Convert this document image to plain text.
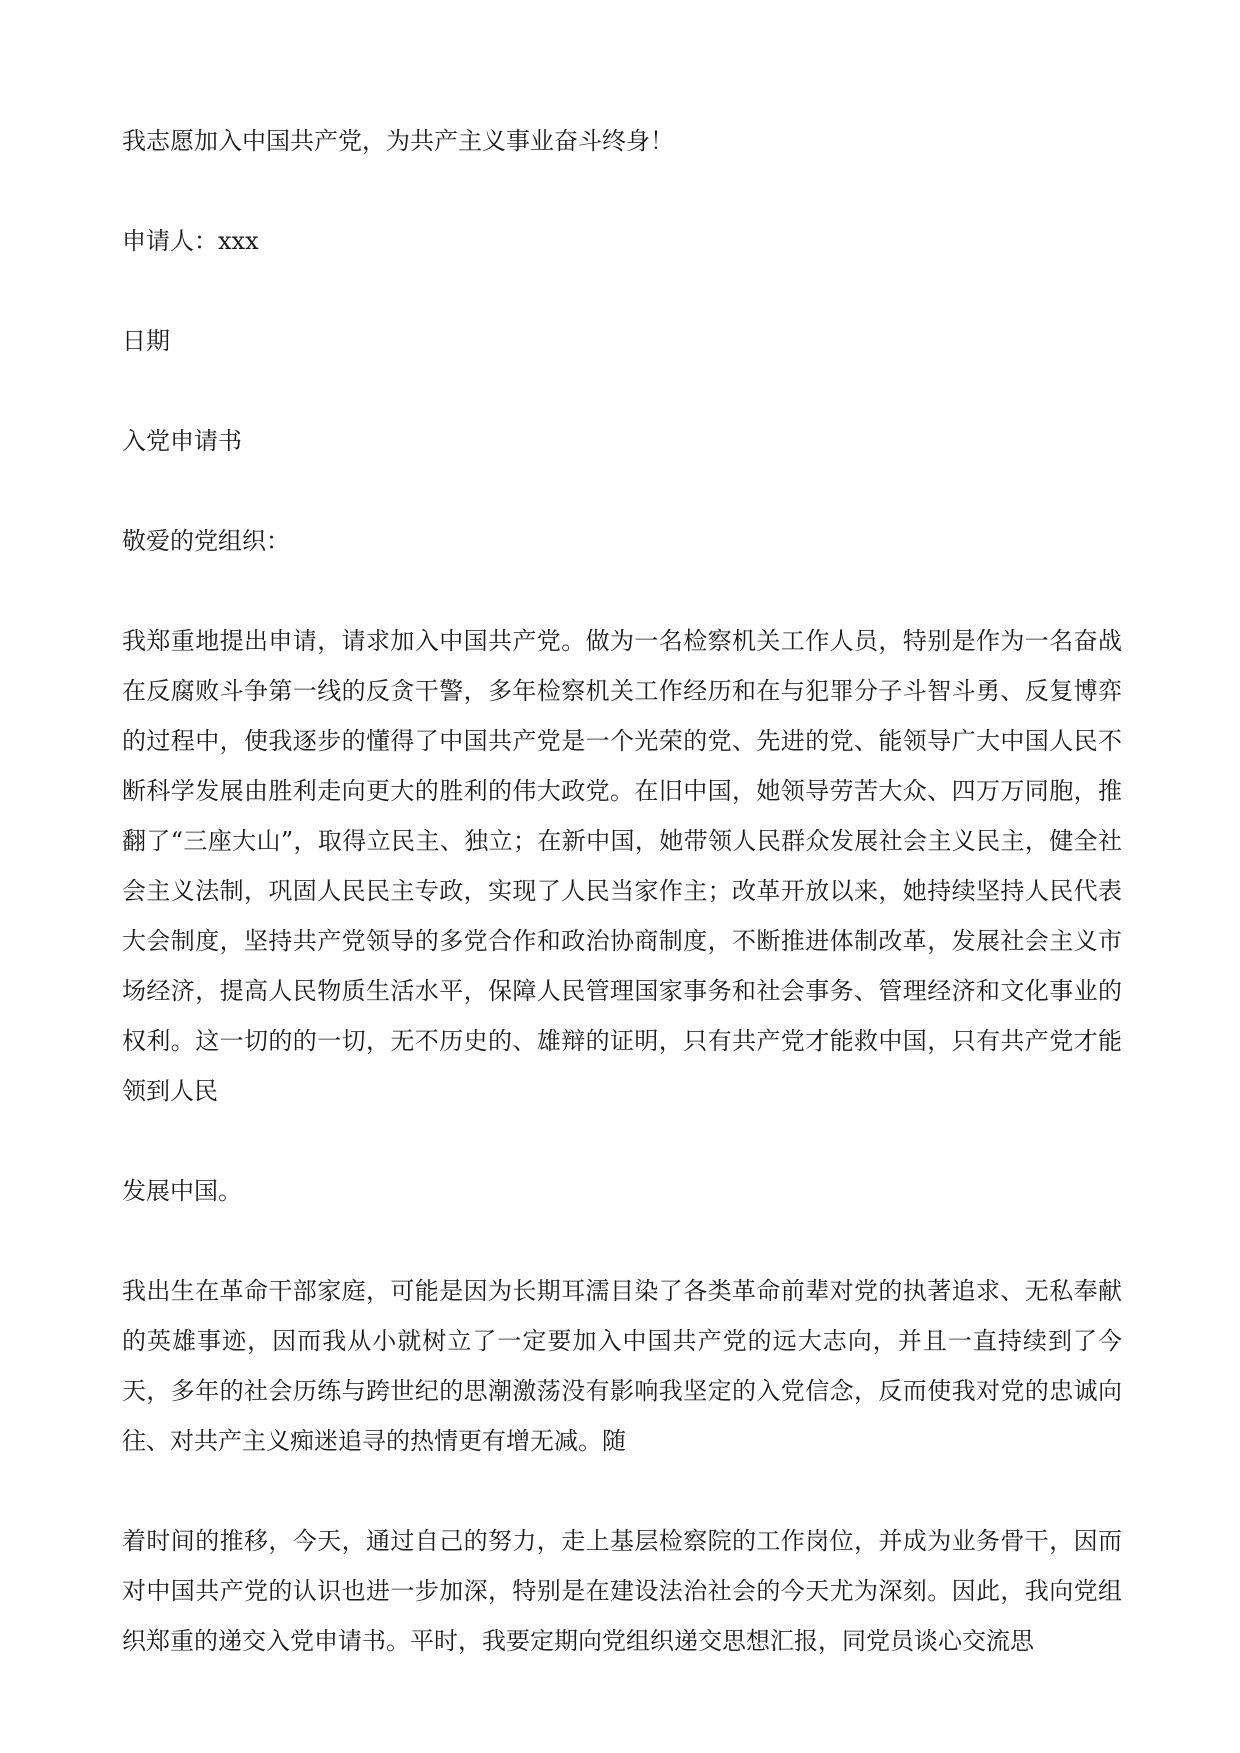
我志愿加入中国共产党，为共产主义事业奋斗终身！

申请人：xxx

日期

入党申请书

敬爱的党组织：

我郑重地提出申请，请求加入中国共产党。做为一名检察机关工作人员，特别是作为一名奋战在反腐败斗争第一线的反贪干警，多年检察机关工作经历和在与犯罪分子斗智斗勇、反复博弈的过程中，使我逐步的懂得了中国共产党是一个光荣的党、先进的党、能领导广大中国人民不断科学发展由胜利走向更大的胜利的伟大政党。在旧中国，她领导劳苦大众、四万万同胞，推翻了“三座大山”，取得立民主、独立；在新中国，她带领人民群众发展社会主义民主，健全社会主义法制，巩固人民民主专政，实现了人民当家作主；改革开放以来，她持续坚持人民代表大会制度，坚持共产党领导的多党合作和政治协商制度，不断推进体制改革，发展社会主义市场经济，提高人民物质生活水平，保障人民管理国家事务和社会事务、管理经济和文化事业的权利。这一切的的一切，无不历史的、雄辩的证明，只有共产党才能救中国，只有共产党才能领到人民

发展中国。

我出生在革命干部家庭，可能是因为长期耳濡目染了各类革命前辈对党的执著追求、无私奉献的英雄事迹，因而我从小就树立了一定要加入中国共产党的远大志向，并且一直持续到了今天，多年的社会历练与跨世纪的思潮激荡没有影响我坚定的入党信念，反而使我对党的忠诚向往、对共产主义痴迷追寻的热情更有增无减。随

着时间的推移，今天，通过自己的努力，走上基层检察院的工作岗位，并成为业务骨干，因而对中国共产党的认识也进一步加深，特别是在建设法治社会的今天尤为深刻。因此，我向党组织郑重的递交入党申请书。平时，我要定期向党组织递交思想汇报，同党员谈心交流思
